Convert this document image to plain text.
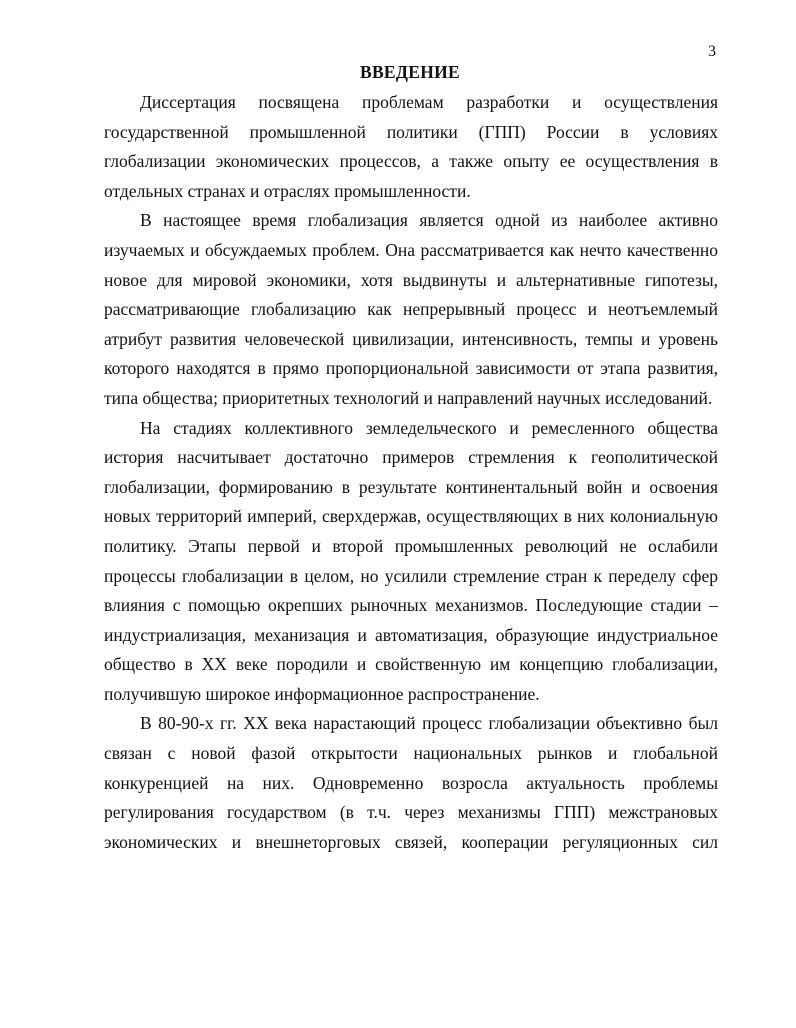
3
ВВЕДЕНИЕ

Диссертация посвящена проблемам разработки и осуществления государственной промышленной политики (ГПП) России в условиях глобализации экономических процессов, а также опыту ее осуществления в отдельных странах и отраслях промышленности.

В настоящее время глобализация является одной из наиболее активно изучаемых и обсуждаемых проблем. Она рассматривается как нечто качественно новое для мировой экономики, хотя выдвинуты и альтернативные гипотезы, рассматривающие глобализацию как непрерывный процесс и неотъемлемый атрибут развития человеческой цивилизации, интенсивность, темпы и уровень которого находятся в прямо пропорциональной зависимости от этапа развития, типа общества; приоритетных технологий и направлений научных исследований.

На стадиях коллективного земледельческого и ремесленного общества история насчитывает достаточно примеров стремления к геополитической глобализации, формированию в результате континентальный войн и освоения новых территорий империй, сверхдержав, осуществляющих в них колониальную политику. Этапы первой и второй промышленных революций не ослабили процессы глобализации в целом, но усилили стремление стран к переделу сфер влияния с помощью окрепших рыночных механизмов. Последующие стадии – индустриализация, механизация и автоматизация, образующие индустриальное общество в XX веке породили и свойственную им концепцию глобализации, получившую широкое информационное распространение.

В 80-90-х гг. XX века нарастающий процесс глобализации объективно был связан с новой фазой открытости национальных рынков и глобальной конкуренцией на них. Одновременно возросла актуальность проблемы регулирования государством (в т.ч. через механизмы ГПП) межстрановых экономических и внешнеторговых связей, кооперации регуляционных сил
